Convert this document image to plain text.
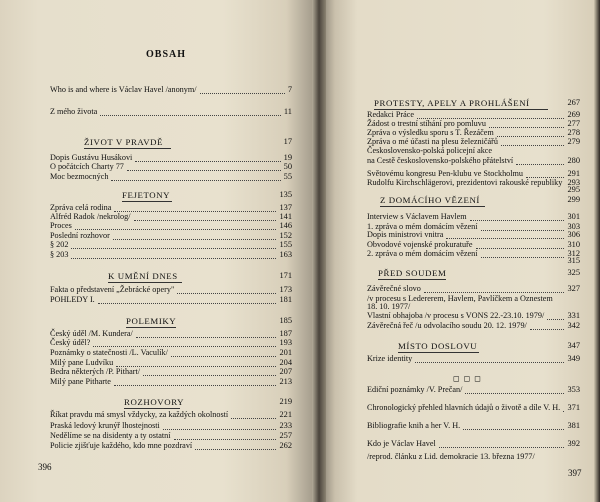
OBSAH
Who is and where is Václav Havel /anonym/	7
Z mého života	11
ŽIVOT V PRAVDĚ	17
Dopis Gustávu Husákovi	19
O počátcích Charty 77	50
Moc bezmocných	55
FEJETONY	135
Zpráva celá rodina	137
Alfréd Radok /nekrolog/	141
Proces	146
Poslední rozhovor	152
§ 202	155
§ 203	163
K UMĚNÍ DNES	171
Fakta o představení „Žebrácké opery"	173
POHLEDY I.	181
POLEMIKY	185
Český úděl /M. Kundera/	187
Český úděl?	193
Poznámky o statečnosti /L. Vaculík/	201
Milý pane Ludvíku	204
Bedra některých /P. Pithart/	207
Milý pane Pitharte	213
ROZHOVORY	219
Říkat pravdu má smysl vždycky, za každých okolností	221
Praská ledový krunýř lhostejnosti	233
Nedělíme se na disidenty a ty ostatní	257
Policie zjišťuje každého, kdo mne pozdraví	262
396
PROTESTY, APELY A PROHLÁŠENÍ	267
Redakci Práce	269
Žádost o trestní stíhání pro pomluvu	277
Zpráva o výsledku sporu s T. Řezáčem	278
Zpráva o mé účasti na plesu železničářů	279
Československo-polská policejní akce
na Cestě československo-polského přátelství	280
Světovému kongresu Pen-klubu ve Stockholmu	291
Rudolfu Kirchschlägerovi, prezidentovi rakouské republiky 293
295
Z DOMÁCÍHO VĚZENÍ	299
Interview s Václavem Havlem	301
1. zpráva o mém domácím vězení	303
Dopis ministrovi vnitra	306
Obvodové vojenské prokuratuře	310
2. zpráva o mém domácím vězení	312
315
PŘED SOUDEM	325
Závěrečné slovo	327
/v procesu s Ledererem, Havlem, Pavlíčkem a Oznestem
18. 10. 1977/
Vlastní obhajoba /v procesu s VONS 22.-23.10. 1979/	331
Závěrečná řeč /u odvolacího soudu 20. 12. 1979/	342
MÍSTO DOSLOVU	347
Krize identity	349
Ediční poznámky /V. Prečan/	353
Chronologický přehled hlavních údajů o životě a díle V. H. 371
Bibliografie knih a her V. H.	381
Kdo je Václav Havel	392
/reprod. článku z Lid. demokracie 13. března 1977/
◻◻◻
397
